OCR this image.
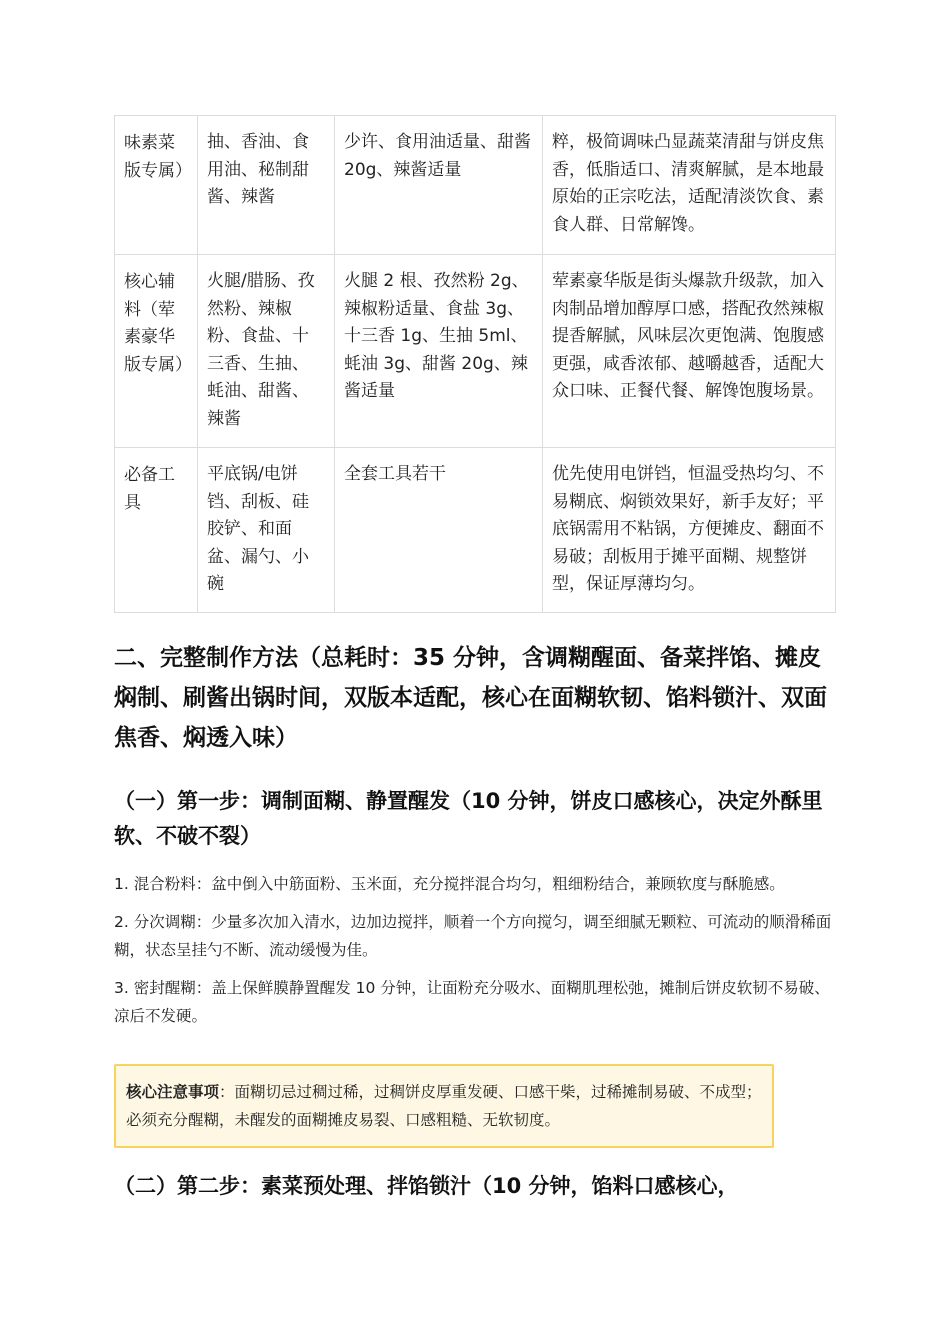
味素菜版专属）	抽、香油、食用油、秘制甜酱、辣酱	少许、食用油适量、甜酱 20g、辣酱适量	粹，极简调味凸显蔬菜清甜与饼皮焦香，低脂适口、清爽解腻，是本地最原始的正宗吃法，适配清淡饮食、素食人群、日常解馋。
核心辅料（荤素豪华版专属）	火腿/腊肠、孜然粉、辣椒粉、食盐、十三香、生抽、蚝油、甜酱、辣酱	火腿 2 根、孜然粉 2g、辣椒粉适量、食盐 3g、十三香 1g、生抽 5ml、蚝油 3g、甜酱 20g、辣酱适量	荤素豪华版是街头爆款升级款，加入肉制品增加醇厚口感，搭配孜然辣椒提香解腻，风味层次更饱满、饱腹感更强，咸香浓郁、越嚼越香，适配大众口味、正餐代餐、解馋饱腹场景。
必备工具	平底锅/电饼铛、刮板、硅胶铲、和面盆、漏勺、小碗	全套工具若干	优先使用电饼铛，恒温受热均匀、不易糊底、焖锁效果好，新手友好；平底锅需用不粘锅，方便摊皮、翻面不易破；刮板用于摊平面糊、规整饼型，保证厚薄均匀。
二、完整制作方法（总耗时：35 分钟，含调糊醒面、备菜拌馅、摊皮焖制、刷酱出锅时间，双版本适配，核心在面糊软韧、馅料锁汁、双面焦香、焖透入味）
（一）第一步：调制面糊、静置醒发（10 分钟，饼皮口感核心，决定外酥里软、不破不裂）
1. 混合粉料：盆中倒入中筋面粉、玉米面，充分搅拌混合均匀，粗细粉结合，兼顾软度与酥脆感。
2. 分次调糊：少量多次加入清水，边加边搅拌，顺着一个方向搅匀，调至细腻无颗粒、可流动的顺滑稀面糊，状态呈挂勺不断、流动缓慢为佳。
3. 密封醒糊：盖上保鲜膜静置醒发 10 分钟，让面粉充分吸水、面糊肌理松弛，摊制后饼皮软韧不易破、凉后不发硬。
核心注意事项：面糊切忌过稠过稀，过稠饼皮厚重发硬、口感干柴，过稀摊制易破、不成型；必须充分醒糊，未醒发的面糊摊皮易裂、口感粗糙、无软韧度。
（二）第二步：素菜预处理、拌馅锁汁（10 分钟，馅料口感核心，
